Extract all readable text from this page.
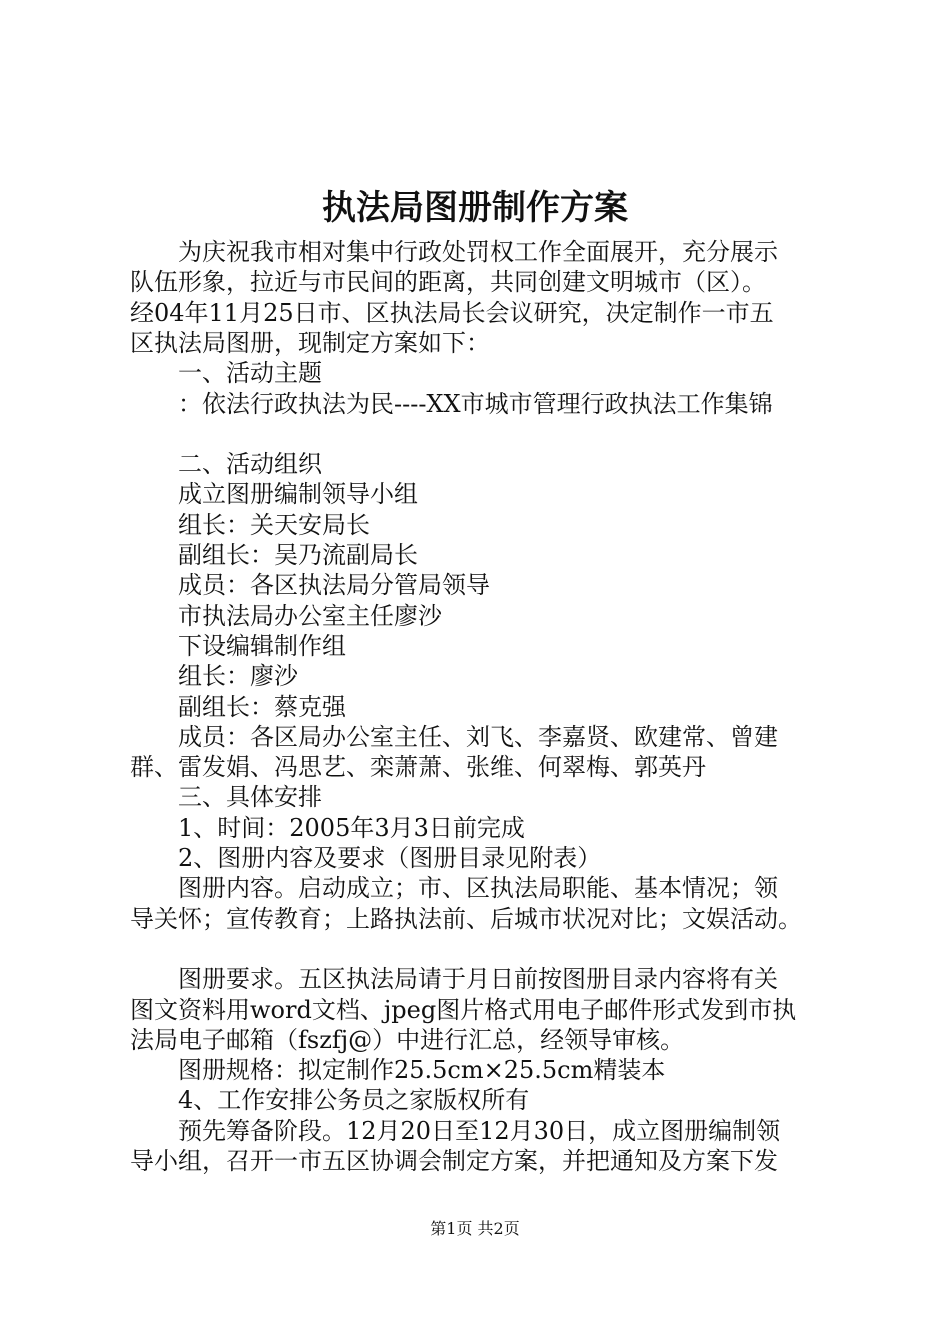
执法局图册制作方案
　　为庆祝我市相对集中行政处罚权工作全面展开，充分展示
队伍形象，拉近与市民间的距离，共同创建文明城市（区）。
经04年11月25日市、区执法局长会议研究，决定制作一市五
区执法局图册，现制定方案如下：
　　一、活动主题
　　：依法行政执法为民----XX市城市管理行政执法工作集锦
　　二、活动组织
　　成立图册编制领导小组
　　组长：关天安局长
　　副组长：吴乃流副局长
　　成员：各区执法局分管局领导
　　市执法局办公室主任廖沙
　　下设编辑制作组
　　组长：廖沙
　　副组长：蔡克强
　　成员：各区局办公室主任、刘飞、李嘉贤、欧建常、曾建
群、雷发娟、冯思艺、栾萧萧、张维、何翠梅、郭英丹
　　三、具体安排
　　1、时间：2005年3月3日前完成
　　2、图册内容及要求（图册目录见附表）
　　图册内容。启动成立；市、区执法局职能、基本情况；领
导关怀；宣传教育；上路执法前、后城市状况对比；文娱活动。
　　图册要求。五区执法局请于月日前按图册目录内容将有关
图文资料用word文档、jpeg图片格式用电子邮件形式发到市执
法局电子邮箱（fszfj@）中进行汇总，经领导审核。
　　图册规格：拟定制作25.5cm×25.5cm精装本
　　4、工作安排公务员之家版权所有
　　预先筹备阶段。12月20日至12月30日，成立图册编制领
导小组，召开一市五区协调会制定方案，并把通知及方案下发
第1页 共2页
